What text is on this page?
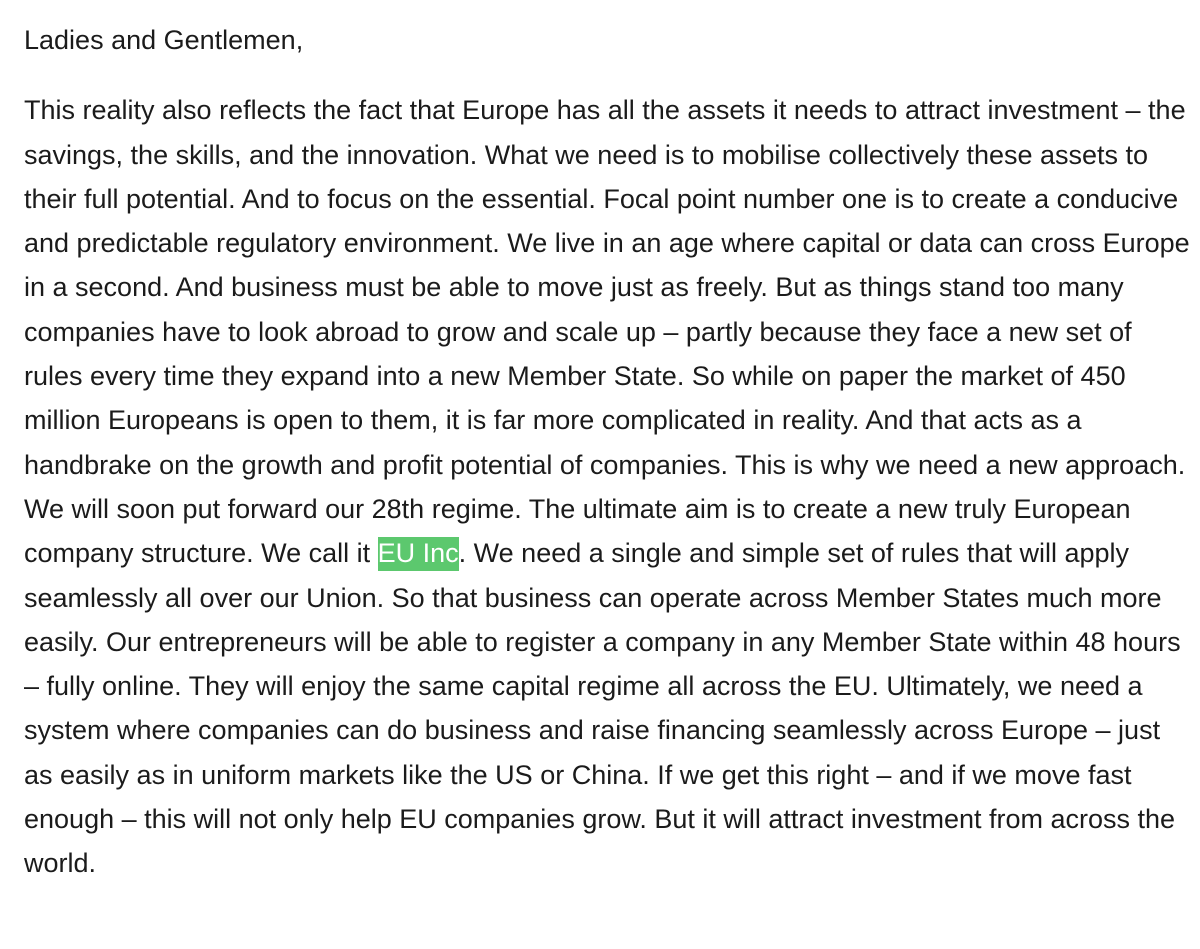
Ladies and Gentlemen,

This reality also reflects the fact that Europe has all the assets it needs to attract investment – the savings, the skills, and the innovation. What we need is to mobilise collectively these assets to their full potential. And to focus on the essential. Focal point number one is to create a conducive and predictable regulatory environment. We live in an age where capital or data can cross Europe in a second. And business must be able to move just as freely. But as things stand too many companies have to look abroad to grow and scale up – partly because they face a new set of rules every time they expand into a new Member State. So while on paper the market of 450 million Europeans is open to them, it is far more complicated in reality. And that acts as a handbrake on the growth and profit potential of companies. This is why we need a new approach. We will soon put forward our 28th regime. The ultimate aim is to create a new truly European company structure. We call it EU Inc. We need a single and simple set of rules that will apply seamlessly all over our Union. So that business can operate across Member States much more easily. Our entrepreneurs will be able to register a company in any Member State within 48 hours – fully online. They will enjoy the same capital regime all across the EU. Ultimately, we need a system where companies can do business and raise financing seamlessly across Europe – just as easily as in uniform markets like the US or China. If we get this right – and if we move fast enough – this will not only help EU companies grow. But it will attract investment from across the world.
